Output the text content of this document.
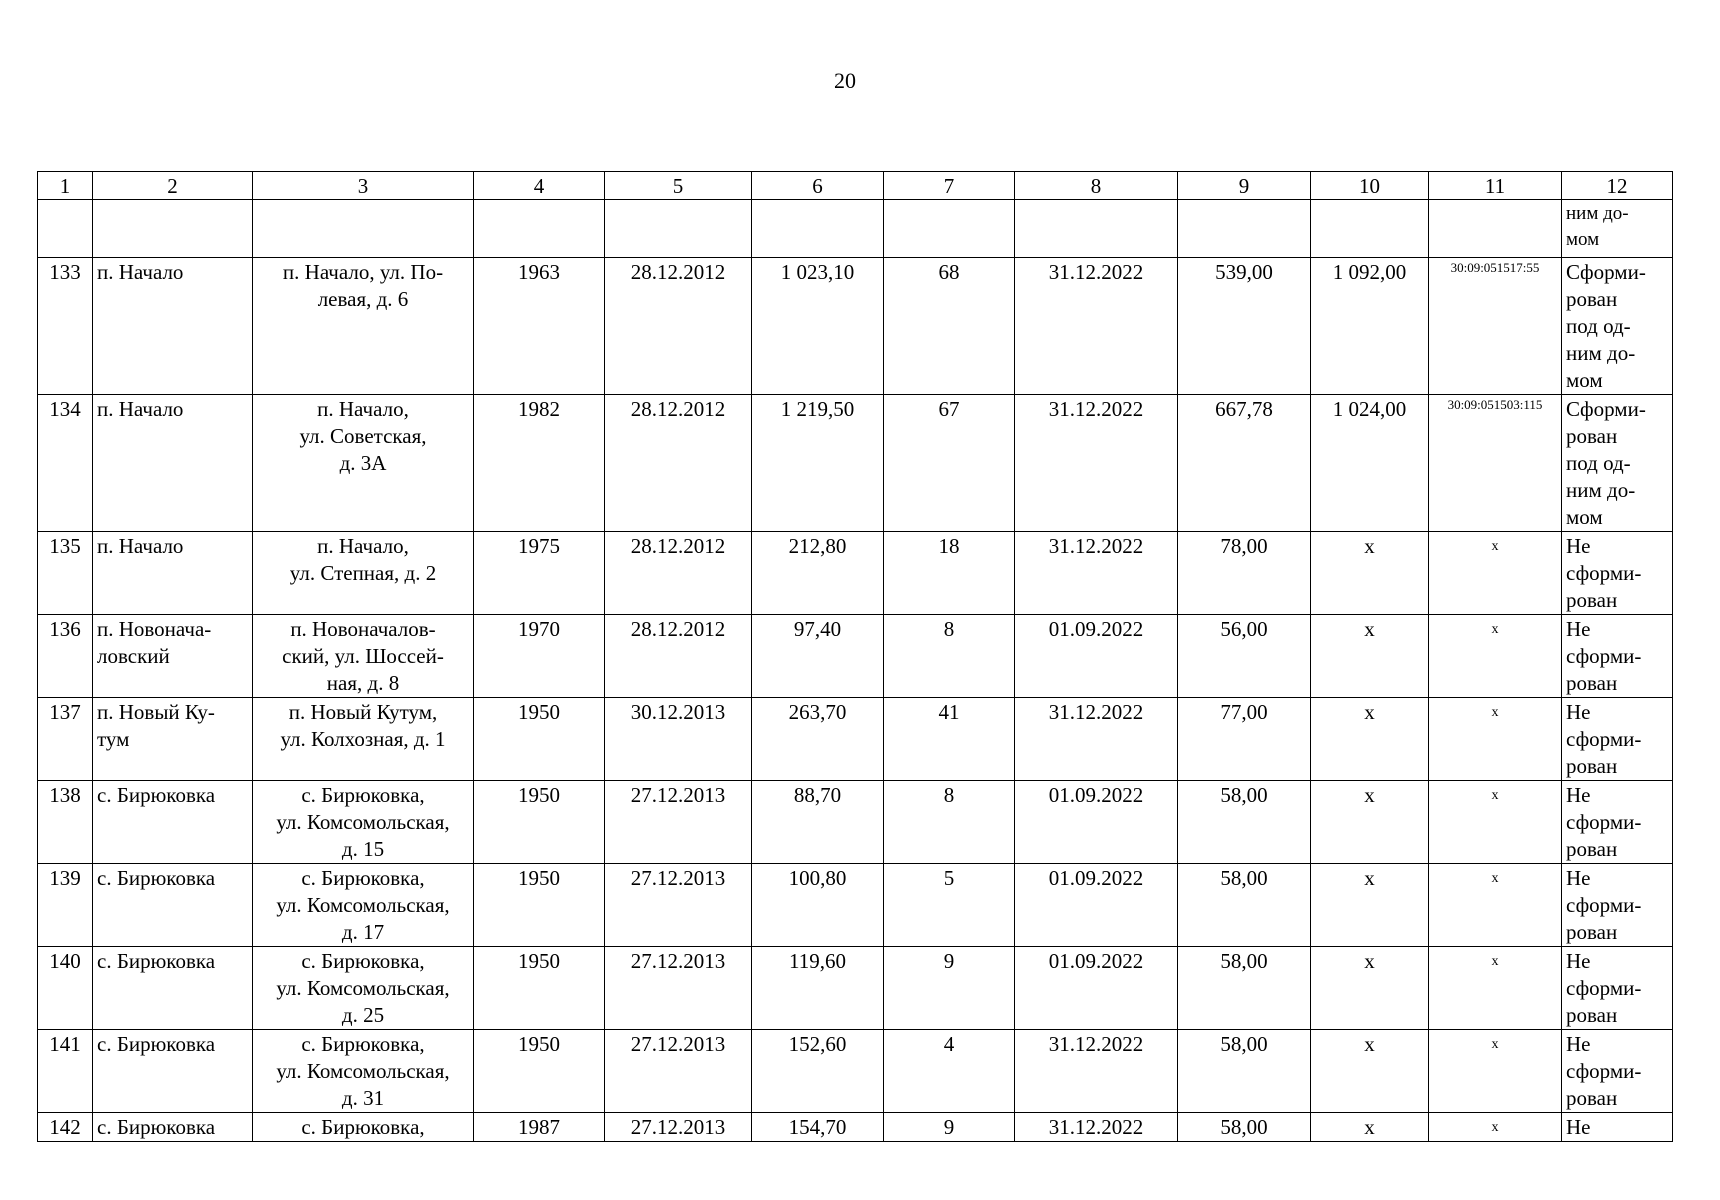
20
1	2	3	4	5	6	7	8	9	10	11	12
											ним до-
мом
133	п. Начало	п. Начало, ул. По-
левая, д. 6	1963	28.12.2012	1 023,10	68	31.12.2022	539,00	1 092,00	30:09:051517:55	Сформи-
рован
под од-
ним до-
мом
134	п. Начало	п. Начало,
ул. Советская,
д. 3А	1982	28.12.2012	1 219,50	67	31.12.2022	667,78	1 024,00	30:09:051503:115	Сформи-
рован
под од-
ним до-
мом
135	п. Начало	п. Начало,
ул. Степная, д. 2	1975	28.12.2012	212,80	18	31.12.2022	78,00	х	х	Не
сформи-
рован
136	п. Новонача-
ловский	п. Новоначалов-
ский, ул. Шоссей-
ная, д. 8	1970	28.12.2012	97,40	8	01.09.2022	56,00	х	х	Не
сформи-
рован
137	п. Новый Ку-
тум	п. Новый Кутум,
ул. Колхозная, д. 1	1950	30.12.2013	263,70	41	31.12.2022	77,00	х	х	Не
сформи-
рован
138	с. Бирюковка	с. Бирюковка,
ул. Комсомольская,
д. 15	1950	27.12.2013	88,70	8	01.09.2022	58,00	х	х	Не
сформи-
рован
139	с. Бирюковка	с. Бирюковка,
ул. Комсомольская,
д. 17	1950	27.12.2013	100,80	5	01.09.2022	58,00	х	х	Не
сформи-
рован
140	с. Бирюковка	с. Бирюковка,
ул. Комсомольская,
д. 25	1950	27.12.2013	119,60	9	01.09.2022	58,00	х	х	Не
сформи-
рован
141	с. Бирюковка	с. Бирюковка,
ул. Комсомольская,
д. 31	1950	27.12.2013	152,60	4	31.12.2022	58,00	х	х	Не
сформи-
рован
142	с. Бирюковка	с. Бирюковка,	1987	27.12.2013	154,70	9	31.12.2022	58,00	х	х	Не
